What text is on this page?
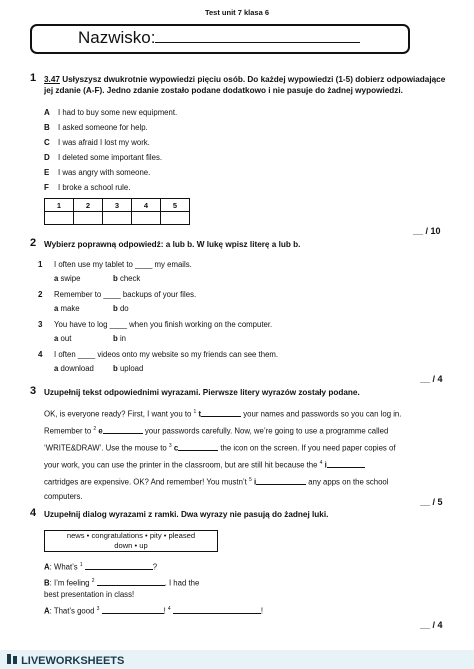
Test unit 7 klasa 6
Nazwisko:
1 3.47 Usłyszysz dwukrotnie wypowiedzi pięciu osób. Do każdej wypowiedzi (1-5) dobierz odpowiadające
jej zdanie (A-F). Jedno zdanie zostało podane dodatkowo i nie pasuje do żadnej wypowiedzi.
A I had to buy some new equipment.
B I asked someone for help.
C I was afraid I lost my work.
D I deleted some important files.
E I was angry with someone.
F I broke a school rule.
1	2	3	4	5

__ / 10
2 Wybierz poprawną odpowiedź: a lub b. W lukę wpisz literę a lub b.
1 I often use my tablet to ____ my emails.
a swipe	b check
2 Remember to ____ backups of your files.
a make	b do
3 You have to log ____ when you finish working on the computer.
a out	b in
4 I often ____ videos onto my website so my friends can see them.
a download b upload
__ / 4
3 Uzupełnij tekst odpowiednimi wyrazami. Pierwsze litery wyrazów zostały podane.
OK, is everyone ready? First, I want you to $^1$ t	your names and passwords so you can log in.
Remember to $^2$ e	your passwords carefully. Now, we’re going to use a programme called
‘WRITE&DRAW’. Use the mouse to $^3$ c	the icon on the screen. If you need paper copies of
your work, you can use the printer in the classroom, but are still hit because the $^4$ i
cartridges are expensive. OK? And remember! You mustn’t $^5$ i	any apps on the school
computers.
__ / 5
4 Uzupełnij dialog wyrazami z ramki. Dwa wyrazy nie pasują do żadnej luki.
news • congratulations • pity • pleased
down • up
A: What’s $^1$	?
B: I’m feeling $^2$	. I had the
best presentation in class!
A: That’s good $^3$	! $^4$	!
__ / 4
LIVEWORKSHEETS
